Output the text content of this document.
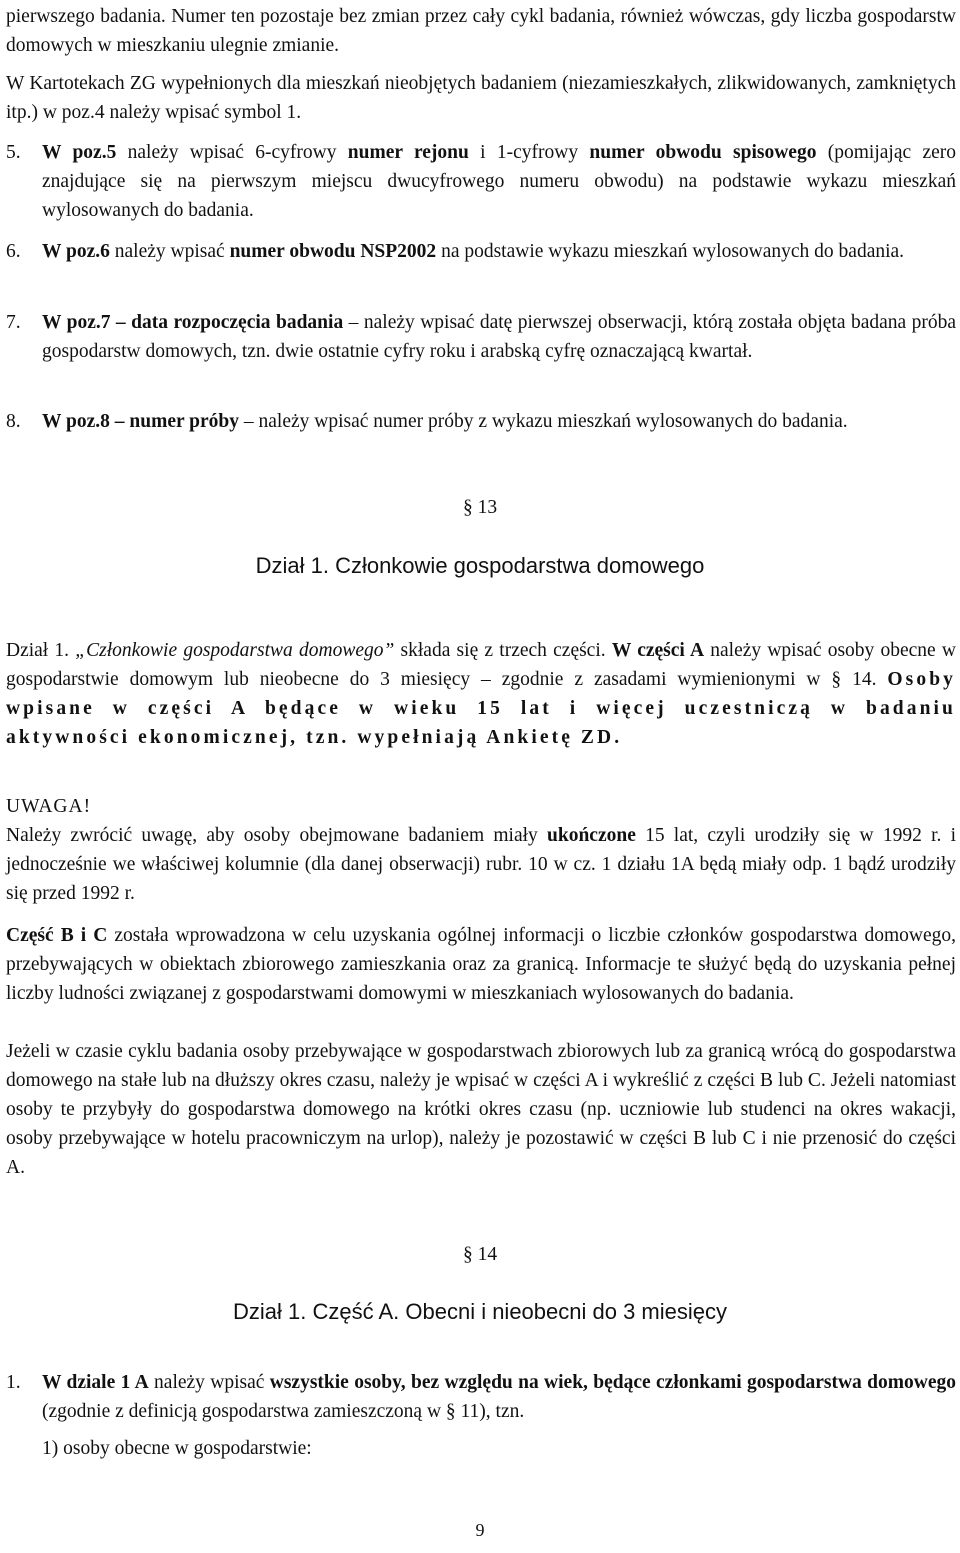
pierwszego badania. Numer ten pozostaje bez zmian przez cały cykl badania, również wówczas, gdy liczba gospodarstw domowych w mieszkaniu ulegnie zmianie.

W Kartotekach ZG wypełnionych dla mieszkań nieobjętych badaniem (niezamieszkałych, zlikwidowanych, zamkniętych itp.) w poz.4 należy wpisać symbol 1.

5. W poz.5 należy wpisać 6-cyfrowy numer rejonu i 1-cyfrowy numer obwodu spisowego (pomijając zero znajdujące się na pierwszym miejscu dwucyfrowego numeru obwodu) na podstawie wykazu mieszkań wylosowanych do badania.

6. W poz.6 należy wpisać numer obwodu NSP2002 na podstawie wykazu mieszkań wylosowanych do badania.

7. W poz.7 – data rozpoczęcia badania – należy wpisać datę pierwszej obserwacji, którą została objęta badana próba gospodarstw domowych, tzn. dwie ostatnie cyfry roku i arabską cyfrę oznaczającą kwartał.

8. W poz.8 – numer próby – należy wpisać numer próby z wykazu mieszkań wylosowanych do badania.

§ 13
Dział 1. Członkowie gospodarstwa domowego

Dział 1. „Członkowie gospodarstwa domowego” składa się z trzech części. W części A należy wpisać osoby obecne w gospodarstwie domowym lub nieobecne do 3 miesięcy – zgodnie z zasadami wymienionymi w § 14. Osoby wpisane w części A będące w wieku 15 lat i więcej uczestniczą w badaniu aktywności ekonomicznej, tzn. wypełniają Ankietę ZD.

UWAGA!

Należy zwrócić uwagę, aby osoby obejmowane badaniem miały ukończone 15 lat, czyli urodziły się w 1992 r. i jednocześnie we właściwej kolumnie (dla danej obserwacji) rubr. 10 w cz. 1 działu 1A będą miały odp. 1 bądź urodziły się przed 1992 r.

Część B i C została wprowadzona w celu uzyskania ogólnej informacji o liczbie członków gospodarstwa domowego, przebywających w obiektach zbiorowego zamieszkania oraz za granicą. Informacje te służyć będą do uzyskania pełnej liczby ludności związanej z gospodarstwami domowymi w mieszkaniach wylosowanych do badania.

Jeżeli w czasie cyklu badania osoby przebywające w gospodarstwach zbiorowych lub za granicą wrócą do gospodarstwa domowego na stałe lub na dłuższy okres czasu, należy je wpisać w części A i wykreślić z części B lub C. Jeżeli natomiast osoby te przybyły do gospodarstwa domowego na krótki okres czasu (np. uczniowie lub studenci na okres wakacji, osoby przebywające w hotelu pracowniczym na urlop), należy je pozostawić w części B lub C i nie przenosić do części A.

§ 14
Dział 1. Część A. Obecni i nieobecni do 3 miesięcy
1. W dziale 1 A należy wpisać wszystkie osoby, bez względu na wiek, będące członkami gospodarstwa domowego (zgodnie z definicją gospodarstwa zamieszczoną w § 11), tzn.

1) osoby obecne w gospodarstwie:

9
